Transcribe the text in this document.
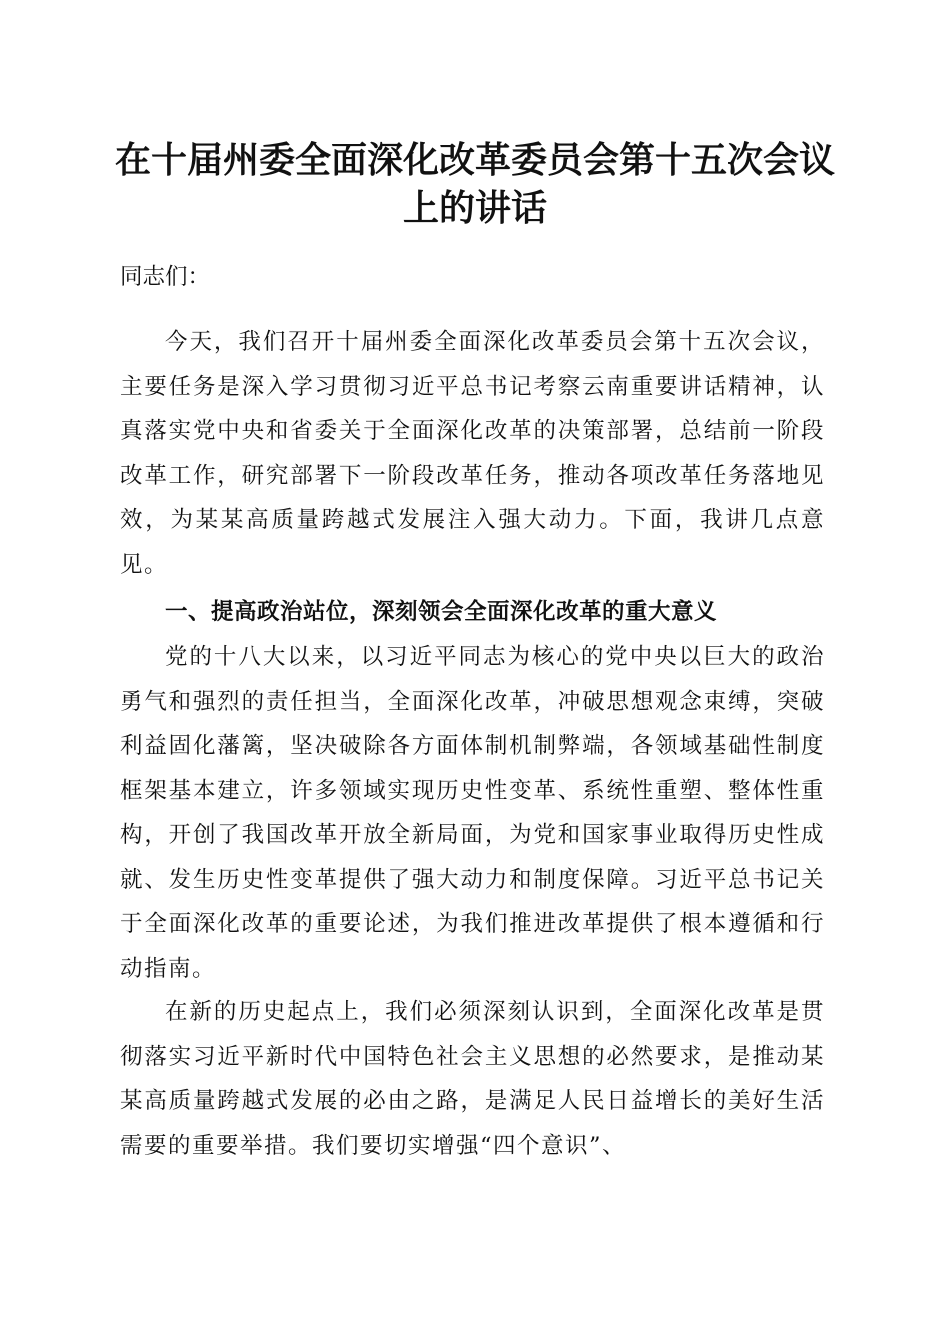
在十届州委全面深化改革委员会第十五次会议
上的讲话
同志们：

今天，我们召开十届州委全面深化改革委员会第十五次会议，主要任务是深入学习贯彻习近平总书记考察云南重要讲话精神，认真落实党中央和省委关于全面深化改革的决策部署，总结前一阶段改革工作，研究部署下一阶段改革任务，推动各项改革任务落地见效，为某某高质量跨越式发展注入强大动力。下面，我讲几点意见。

一、提高政治站位，深刻领会全面深化改革的重大意义

党的十八大以来，以习近平同志为核心的党中央以巨大的政治勇气和强烈的责任担当，全面深化改革，冲破思想观念束缚，突破利益固化藩篱，坚决破除各方面体制机制弊端，各领域基础性制度框架基本建立，许多领域实现历史性变革、系统性重塑、整体性重构，开创了我国改革开放全新局面，为党和国家事业取得历史性成就、发生历史性变革提供了强大动力和制度保障。习近平总书记关于全面深化改革的重要论述，为我们推进改革提供了根本遵循和行动指南。

在新的历史起点上，我们必须深刻认识到，全面深化改革是贯彻落实习近平新时代中国特色社会主义思想的必然要求，是推动某某高质量跨越式发展的必由之路，是满足人民日益增长的美好生活需要的重要举措。我们要切实增强“四个意识”、
